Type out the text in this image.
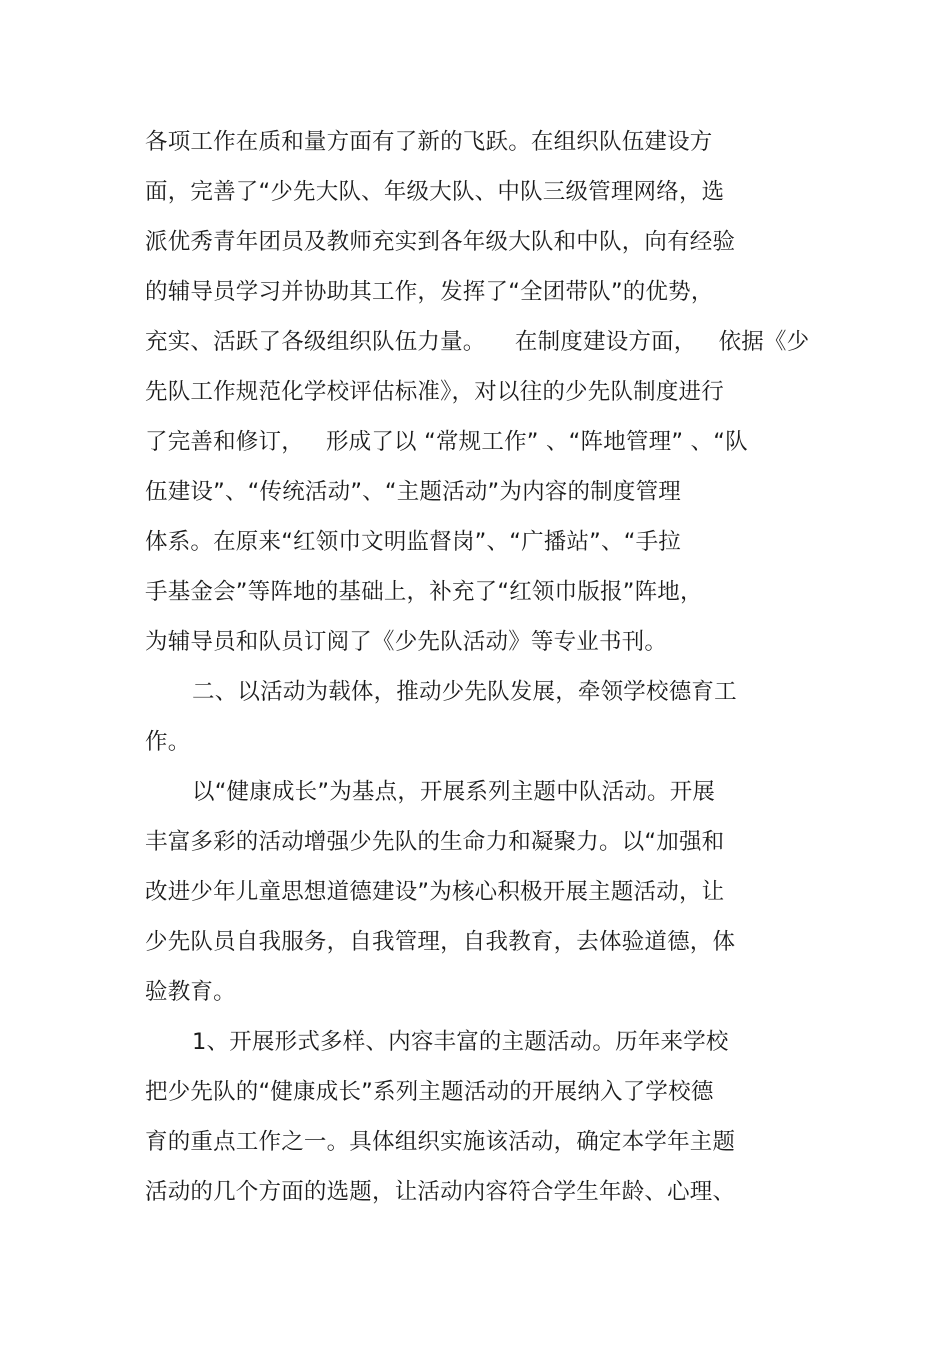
各项工作在质和量方面有了新的飞跃。在组织队伍建设方
面，完善了“少先大队、年级大队、中队三级管理网络，选
派优秀青年团员及教师充实到各年级大队和中队，向有经验
的辅导员学习并协助其工作，发挥了“全团带队”的优势，
充实、活跃了各级组织队伍力量。    在制度建设方面，   依据《少
先队工作规范化学校评估标准》，对以往的少先队制度进行
了完善和修订，   形成了以 “常规工作” 、“阵地管理” 、“队
伍建设”、“传统活动”、“主题活动”为内容的制度管理
体系。在原来“红领巾文明监督岗”、“广播站”、“手拉
手基金会”等阵地的基础上，补充了“红领巾版报”阵地，
为辅导员和队员订阅了《少先队活动》等专业书刊。
二、以活动为载体，推动少先队发展，牵领学校德育工
作。
以“健康成长”为基点，开展系列主题中队活动。开展
丰富多彩的活动增强少先队的生命力和凝聚力。以“加强和
改进少年儿童思想道德建设”为核心积极开展主题活动，让
少先队员自我服务，自我管理，自我教育，去体验道德，体
验教育。
1、开展形式多样、内容丰富的主题活动。历年来学校
把少先队的“健康成长”系列主题活动的开展纳入了学校德
育的重点工作之一。具体组织实施该活动，确定本学年主题
活动的几个方面的选题，让活动内容符合学生年龄、心理、
